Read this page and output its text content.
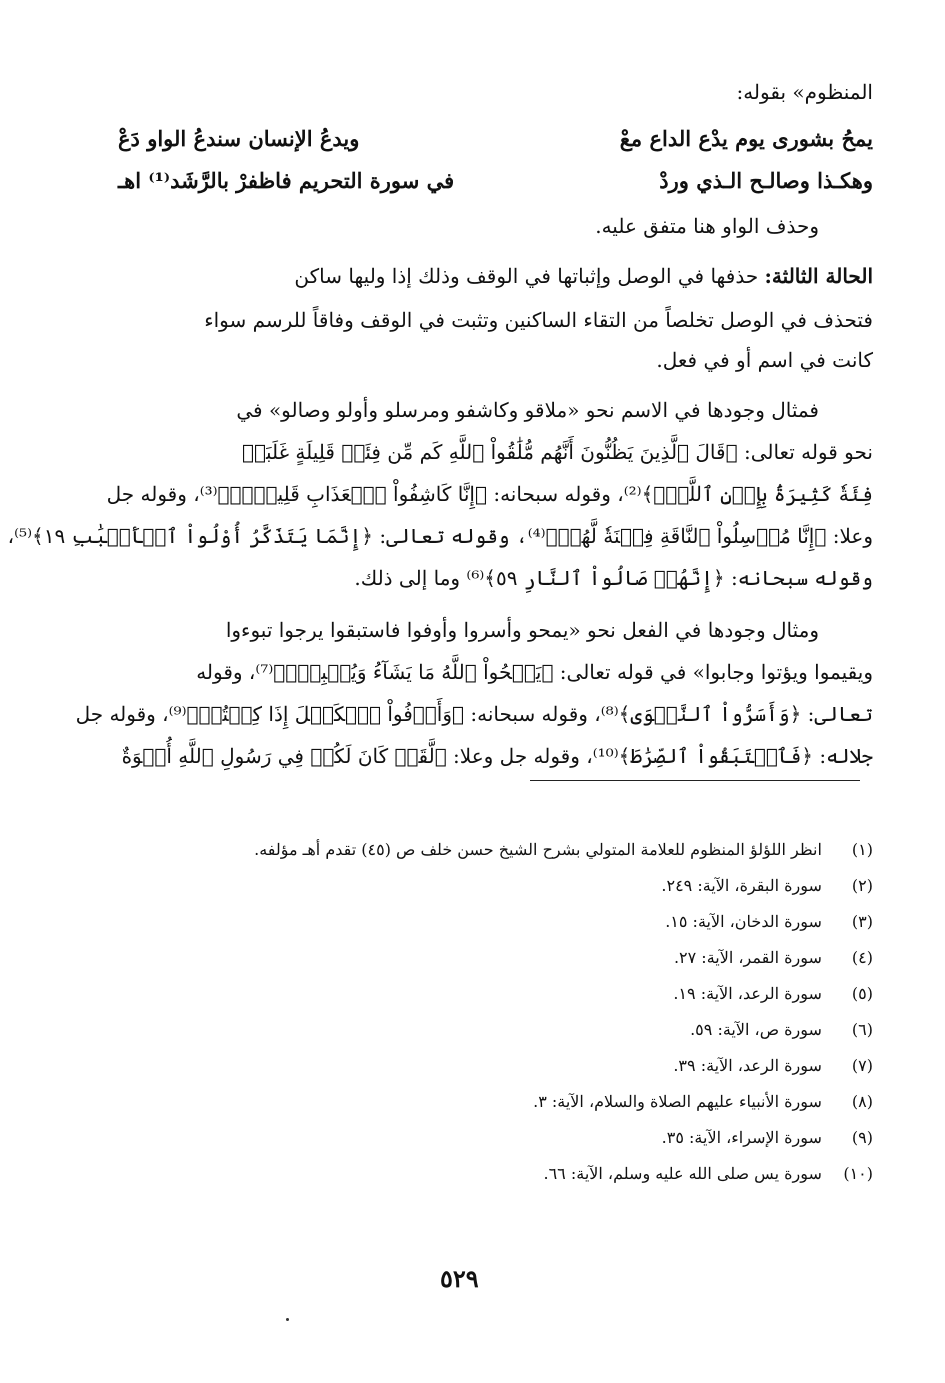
المنظوم» بقوله:
يمحُ بشورى يوم يدْع الداع معْ
ويدعُ الإنسان سندعُ الواو دَعْ
وهكـذا وصالـح الـذي وردْ
في سورة التحريم فاظفرْ بالرَّشَد⁽¹⁾ اهـ
وحذف الواو هنا متفق عليه.
الحالة الثالثة: حذفها في الوصل وإثباتها في الوقف وذلك إذا وليها ساكن
فتحذف في الوصل تخلصاً من التقاء الساكنين وتثبت في الوقف وفاقاً للرسم سواء
كانت في اسم أو في فعل.
فمثال وجودها في الاسم نحو «ملاقو وكاشفو ومرسلو وأولو وصالو» في
نحو قوله تعالى: ﴿قَالَ ٱلَّذِينَ يَظُنُّونَ أَنَّهُم مُّلَٰقُواْ ٱللَّهِ كَم مِّن فِئَةٖ قَلِيلَةٍ غَلَبَتۡ
فِئَةٗ كَثِيرَةَۢ بِإِذۡنِ ٱللَّهِۗ﴾⁽²⁾، وقوله سبحانه: ﴿إِنَّا كَاشِفُواْ ٱلۡعَذَابِ قَلِيلًاۚ﴾⁽³⁾، وقوله جل
وعلا: ﴿إِنَّا مُرۡسِلُواْ ٱلنَّاقَةِ فِتۡنَةٗ لَّهُمۡ﴾⁽⁴⁾، وقوله تعالى: ﴿إِنَّمَا يَتَذَكَّرُ أُوْلُواْ ٱلۡأَلۡبَٰبِ ١٩﴾⁽⁵⁾،
وقوله سبحانه: ﴿إِنَّهُمۡ صَالُواْ ٱلنَّارِ ٥٩﴾⁽⁶⁾ وما إلى ذلك.
ومثال وجودها في الفعل نحو «يمحو وأسروا وأوفوا فاستبقوا يرجوا تبوءوا
ويقيموا ويؤتوا وجابوا» في قوله تعالى: ﴿يَمۡحُواْ ٱللَّهُ مَا يَشَآءُ وَيُثۡبِتُۖ﴾⁽⁷⁾، وقوله
تعالى: ﴿وَأَسَرُّواْ ٱلنَّجۡوَى﴾⁽⁸⁾، وقوله سبحانه: ﴿وَأَوۡفُواْ ٱلۡكَيۡلَ إِذَا كِلۡتُمۡ﴾⁽⁹⁾، وقوله جل
جلاله: ﴿فَٱسۡتَبَقُواْ ٱلصِّرَٰطَ﴾⁽¹⁰⁾، وقوله جل وعلا: ﴿لَّقَدۡ كَانَ لَكُمۡ فِي رَسُولِ ٱللَّهِ أُسۡوَةٌ
(١) انظر اللؤلؤ المنظوم للعلامة المتولي بشرح الشيخ حسن خلف ص (٤٥) تقدم أهـ مؤلفه.
(٢) سورة البقرة، الآية: ٢٤٩.
(٣) سورة الدخان، الآية: ١٥.
(٤) سورة القمر، الآية: ٢٧.
(٥) سورة الرعد، الآية: ١٩.
(٦) سورة ص، الآية: ٥٩.
(٧) سورة الرعد، الآية: ٣٩.
(٨) سورة الأنبياء عليهم الصلاة والسلام، الآية: ٣.
(٩) سورة الإسراء، الآية: ٣٥.
(١٠) سورة يس صلى الله عليه وسلم، الآية: ٦٦.
٥٢٩
